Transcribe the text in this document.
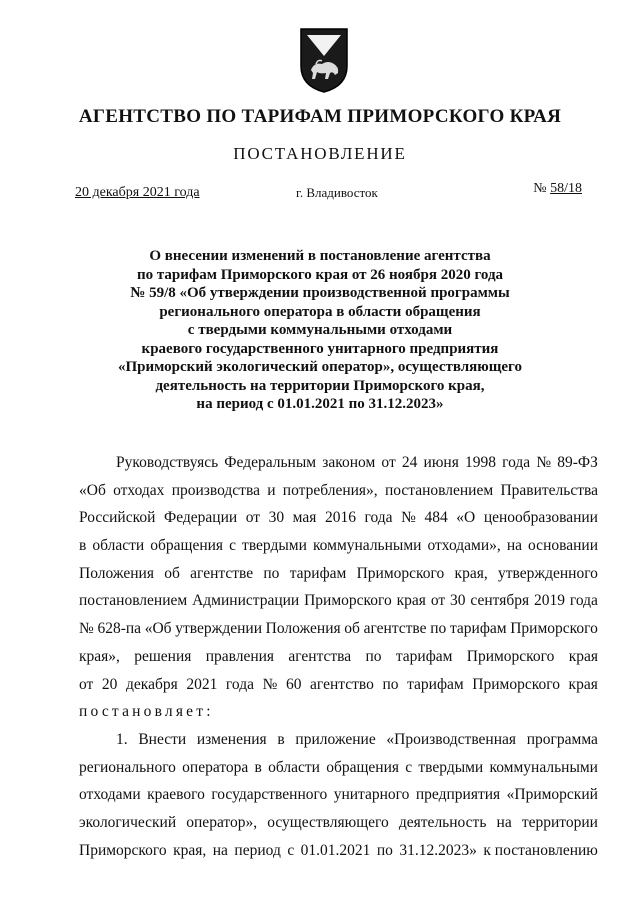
АГЕНТСТВО ПО ТАРИФАМ ПРИМОРСКОГО КРАЯ
ПОСТАНОВЛЕНИЕ
20 декабря 2021 года	г. Владивосток	№ 58/18
О внесении изменений в постановление агентства
по тарифам Приморского края от 26 ноября 2020 года
№ 59/8 «Об утверждении производственной программы
регионального оператора в области обращения
с твердыми коммунальными отходами
краевого государственного унитарного предприятия
«Приморский экологический оператор», осуществляющего
деятельность на территории Приморского края,
на период с 01.01.2021 по 31.12.2023»
Руководствуясь Федеральным законом от 24 июня 1998 года № 89-ФЗ
«Об отходах производства и потребления», постановлением Правительства
Российской Федерации от 30 мая 2016 года № 484 «О ценообразовании
в области обращения с твердыми коммунальными отходами», на основании
Положения об агентстве по тарифам Приморского края, утвержденного
постановлением Администрации Приморского края от 30 сентября 2019 года
№ 628-па «Об утверждении Положения об агентстве по тарифам Приморского
края», решения правления агентства по тарифам Приморского края
от 20 декабря 2021 года № 60 агентство по тарифам Приморского края
постановляет:
1. Внести изменения в приложение «Производственная программа
регионального оператора в области обращения с твердыми коммунальными
отходами краевого государственного унитарного предприятия «Приморский
экологический оператор», осуществляющего деятельность на территории
Приморского края, на период с 01.01.2021 по 31.12.2023» к постановлению
